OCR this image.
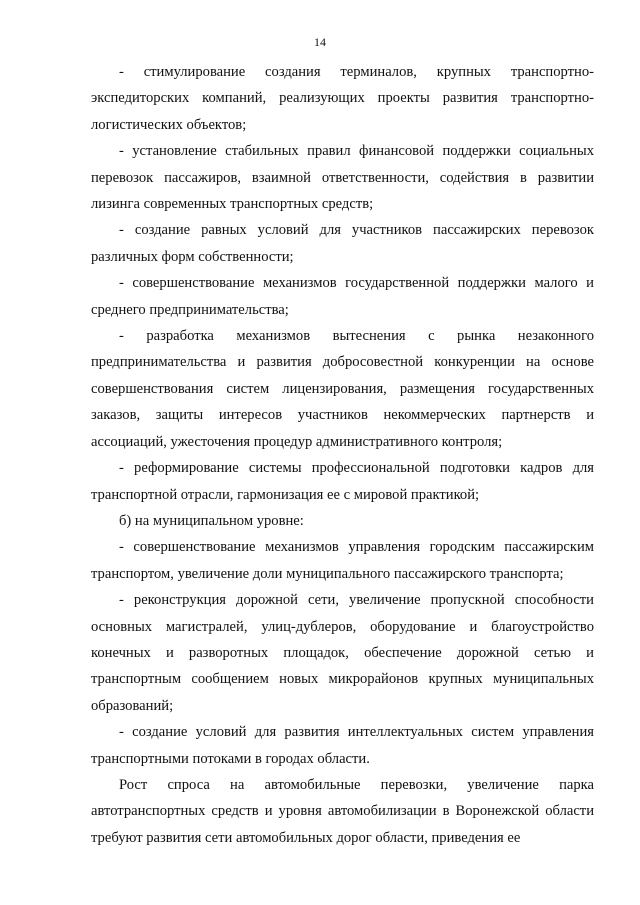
14

- стимулирование создания терминалов, крупных транспортно-экспедиторских компаний, реализующих проекты развития транспортно-логистических объектов;

- установление стабильных правил финансовой поддержки социальных перевозок пассажиров, взаимной ответственности, содействия в развитии лизинга современных транспортных средств;

- создание равных условий для участников пассажирских перевозок различных форм собственности;

- совершенствование механизмов государственной поддержки малого и среднего предпринимательства;

- разработка механизмов вытеснения с рынка незаконного предпринимательства и развития добросовестной конкуренции на основе совершенствования систем лицензирования, размещения государственных заказов, защиты интересов участников некоммерческих партнерств и ассоциаций, ужесточения процедур административного контроля;

- реформирование системы профессиональной подготовки кадров для транспортной отрасли, гармонизация ее с мировой практикой;

б) на муниципальном уровне:

- совершенствование механизмов управления городским пассажирским транспортом, увеличение доли муниципального пассажирского транспорта;

- реконструкция дорожной сети, увеличение пропускной способности основных магистралей, улиц-дублеров, оборудование и благоустройство конечных и разворотных площадок, обеспечение дорожной сетью и транспортным сообщением новых микрорайонов крупных муниципальных образований;

- создание условий для развития интеллектуальных систем управления транспортными потоками в городах области.

Рост спроса на автомобильные перевозки, увеличение парка автотранспортных средств и уровня автомобилизации в Воронежской области требуют развития сети автомобильных дорог области, приведения ее
